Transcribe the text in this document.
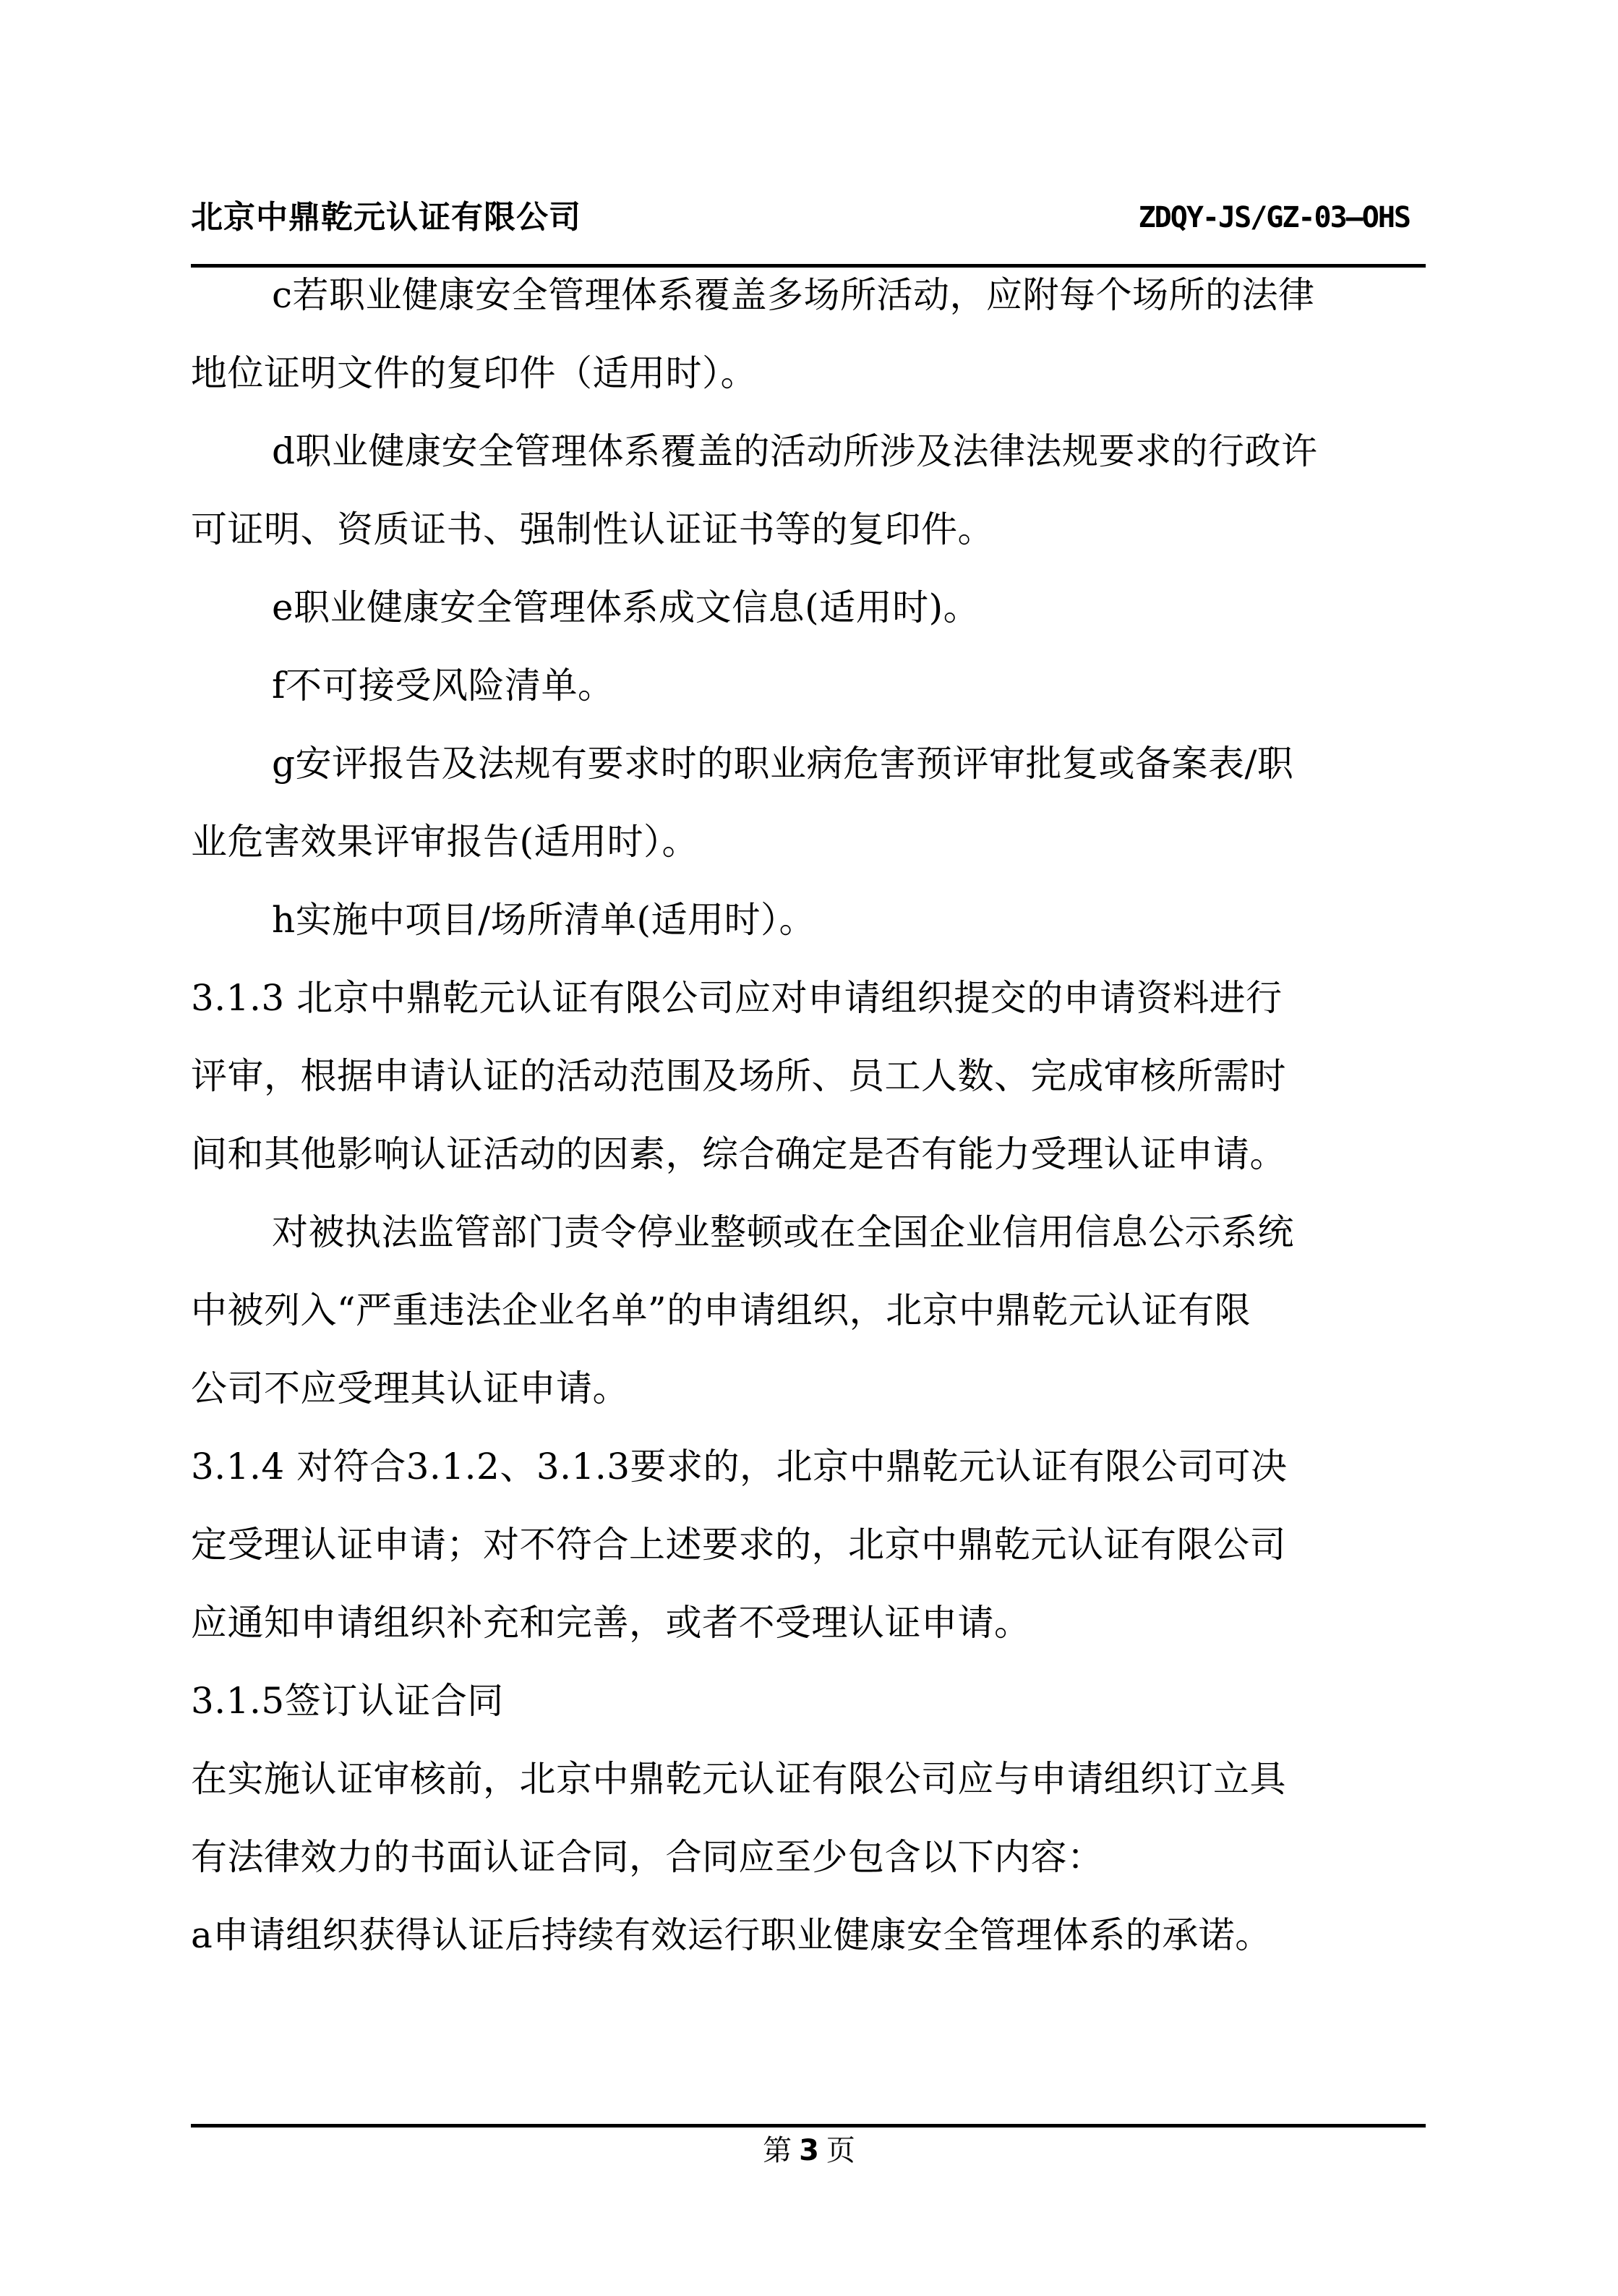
北京中鼎乾元认证有限公司	ZDQY-JS/GZ-03—OHS
c若职业健康安全管理体系覆盖多场所活动，应附每个场所的法律
地位证明文件的复印件（适用时）。
d职业健康安全管理体系覆盖的活动所涉及法律法规要求的行政许
可证明、资质证书、强制性认证证书等的复印件。
e职业健康安全管理体系成文信息(适用时)。
f不可接受风险清单。
g安评报告及法规有要求时的职业病危害预评审批复或备案表/职
业危害效果评审报告(适用时）。
h实施中项目/场所清单(适用时）。
3.1.3 北京中鼎乾元认证有限公司应对申请组织提交的申请资料进行
评审，根据申请认证的活动范围及场所、员工人数、完成审核所需时
间和其他影响认证活动的因素，综合确定是否有能力受理认证申请。
对被执法监管部门责令停业整顿或在全国企业信用信息公示系统
中被列入“严重违法企业名单”的申请组织，北京中鼎乾元认证有限
公司不应受理其认证申请。
3.1.4 对符合3.1.2、3.1.3要求的，北京中鼎乾元认证有限公司可决
定受理认证申请；对不符合上述要求的，北京中鼎乾元认证有限公司
应通知申请组织补充和完善，或者不受理认证申请。
3.1.5签订认证合同
在实施认证审核前，北京中鼎乾元认证有限公司应与申请组织订立具
有法律效力的书面认证合同，合同应至少包含以下内容：
a申请组织获得认证后持续有效运行职业健康安全管理体系的承诺。
第 3 页
